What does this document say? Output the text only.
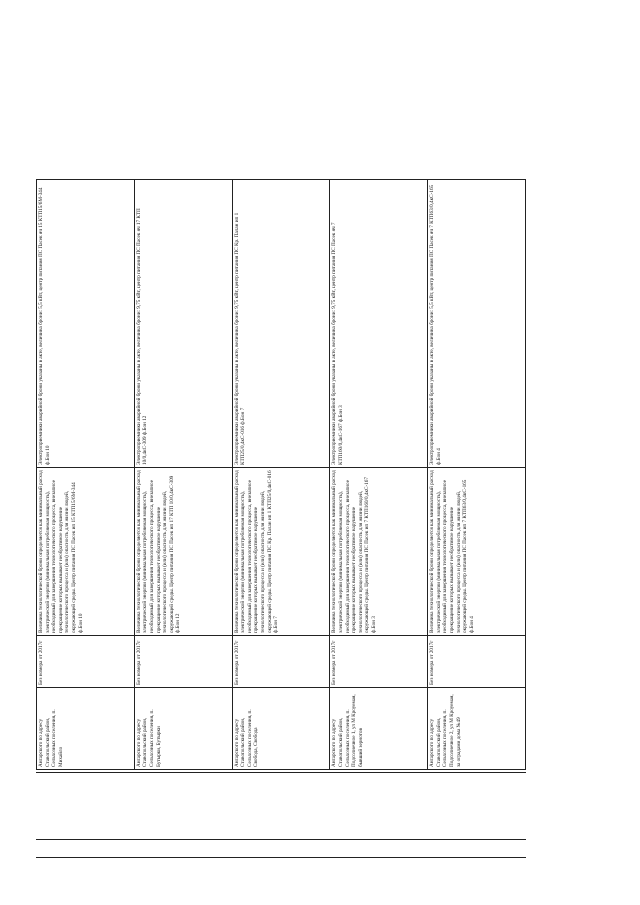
Ангарского по адресу Ставопольский район, Сельхозных поселения, п. Михайло	Без номера от 2017г	Величина технологической брони определяется как минимальный расход электрической энергии (минимальная потребляемая мощность), необходимый для завершения технологического процесса, внезапное прекращение которых вызывает необратимое нарушение технологического процесса и (или) опасность для жизни людей, окружающей среды. Центр питания ПС Пасек ип 15 КТП15/6М-344 ф.Бон 10	Электроприемники аварийной брони указаны в акте, величина брони: 5,5 кВт, центр питания ПС Пасек яч 15 КТП15/6М-344 ф.Бон 10
Ангарского по адресу Ставопольский район, Сельхозных поселения, п. Бутырки, Бутырки	Без номера от 2017г	Величина технологической брони определяется как минимальный расход электрической энергии (минимальная потребляемая мощность), необходимый для завершения технологического процесса, внезапное прекращение которых вызывает необратимое нарушение технологического процесса и (или) опасность для жизни людей, окружающей среды. Центр питания ПС Пасек ип 17 КТП 10/0,4кС-309 ф.Бон 12	Электроприемники аварийной брони указаны в акте, величина брони: 9,75 кВт, центр питания ПС Пасек яч 17 КТП 10/0,4кС-309 ф.Бон 12
Ангарского по адресу Ставопольский район, Сельхозных поселения, п. Свобода, Свобода	Без номера от 2017г	Величина технологической брони определяется как минимальный расход электрической энергии (минимальная потребляемая мощность), необходимый для завершения технологического процесса, внезапное прекращение которых вызывает необратимое нарушение технологического процесса и (или) опасность для жизни людей, окружающей среды. Центр питания ПС Кр. Палан ип 1 КТП25/0,4кС-016 ф.Бон 7	Электроприемники аварийной брони указаны в акте, величина брони: 9,75 кВт, центр питания ПС Кр. Палан ип 1 КТП25/0,4кС-016 ф.Бон 7
Ангарского по адресу Ставопольский район, Сельхозных поселения, п. Подсолнечное 1, ул М Кроуемая, бывший зернотов	Без номера от 2017г	Величина технологической брони определяется как минимальный расход электрической энергии (минимальная потребляемая мощность), необходимый для завершения технологического процесса, внезапное прекращение которых вызывает необратимое нарушение технологического процесса и (или) опасность для жизни людей, окружающей среды. Центр питания ПС Пасек ип 7 КТП160/0,4кС-167 ф.Бон 3	Электроприемники аварийной брони указаны в акте, величина брони: 9,75 кВт, центр питания ПС Пасек яч 7 КТП160/0,4кС-167 ф.Бон 3
Ангарского по адресу Ставопольский район, Сельхозных поселения, п. Подсолнечное 2, ул М Кроуемая, за оградами дома №49	Без номера от 2017г	Величина технологической брони определяется как минимальный расход электрической энергии (минимальная потребляемая мощность), необходимый для завершения технологического процесса, внезапное прекращение которых вызывает необратимое нарушение технологического процесса и (или) опасность для жизни людей, окружающей среды. Центр питания ПС Пасек ип 7 КТП63/0,4кС-165 ф.Бон 4	Электроприемники аварийной брони указаны в акте, величина брони: 5,5 кВт, центр питания ПС Пасек яч 7 КТП63/0,4кС-165 ф.Бон 4
